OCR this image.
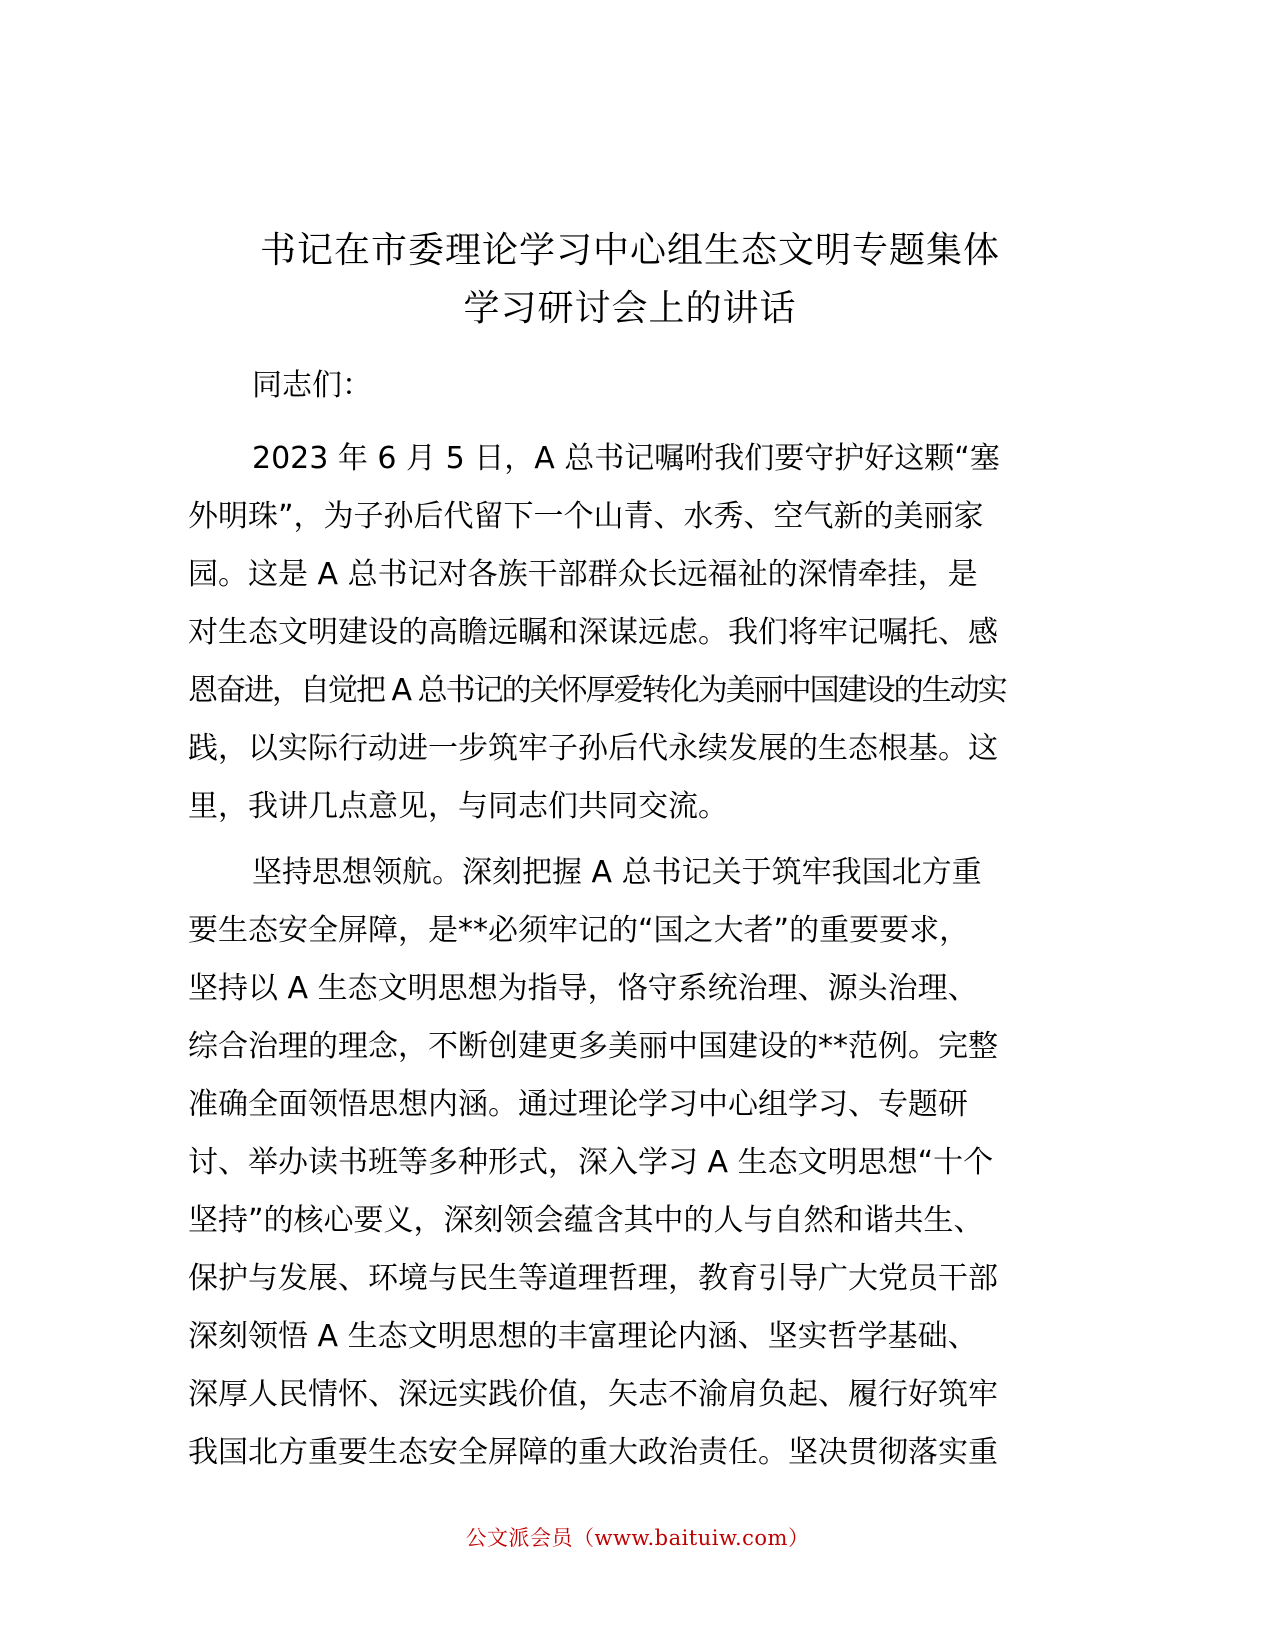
书记在市委理论学习中心组生态文明专题集体
学习研讨会上的讲话
同志们：
2023 年 6 月 5 日，A 总书记嘱咐我们要守护好这颗“塞
外明珠”，为子孙后代留下一个山青、水秀、空气新的美丽家
园。这是 A 总书记对各族干部群众长远福祉的深情牵挂，是
对生态文明建设的高瞻远瞩和深谋远虑。我们将牢记嘱托、感
恩奋进，自觉把 A 总书记的关怀厚爱转化为美丽中国建设的生动实
践，以实际行动进一步筑牢子孙后代永续发展的生态根基。这
里，我讲几点意见，与同志们共同交流。
坚持思想领航。深刻把握 A 总书记关于筑牢我国北方重
要生态安全屏障，是**必须牢记的“国之大者”的重要要求，
坚持以 A 生态文明思想为指导，恪守系统治理、源头治理、
综合治理的理念，不断创建更多美丽中国建设的**范例。完整
准确全面领悟思想内涵。通过理论学习中心组学习、专题研
讨、举办读书班等多种形式，深入学习 A 生态文明思想“十个
坚持”的核心要义，深刻领会蕴含其中的人与自然和谐共生、
保护与发展、环境与民生等道理哲理，教育引导广大党员干部
深刻领悟 A 生态文明思想的丰富理论内涵、坚实哲学基础、
深厚人民情怀、深远实践价值，矢志不渝肩负起、履行好筑牢
我国北方重要生态安全屏障的重大政治责任。坚决贯彻落实重
公文派会员（www.baituiw.com）
